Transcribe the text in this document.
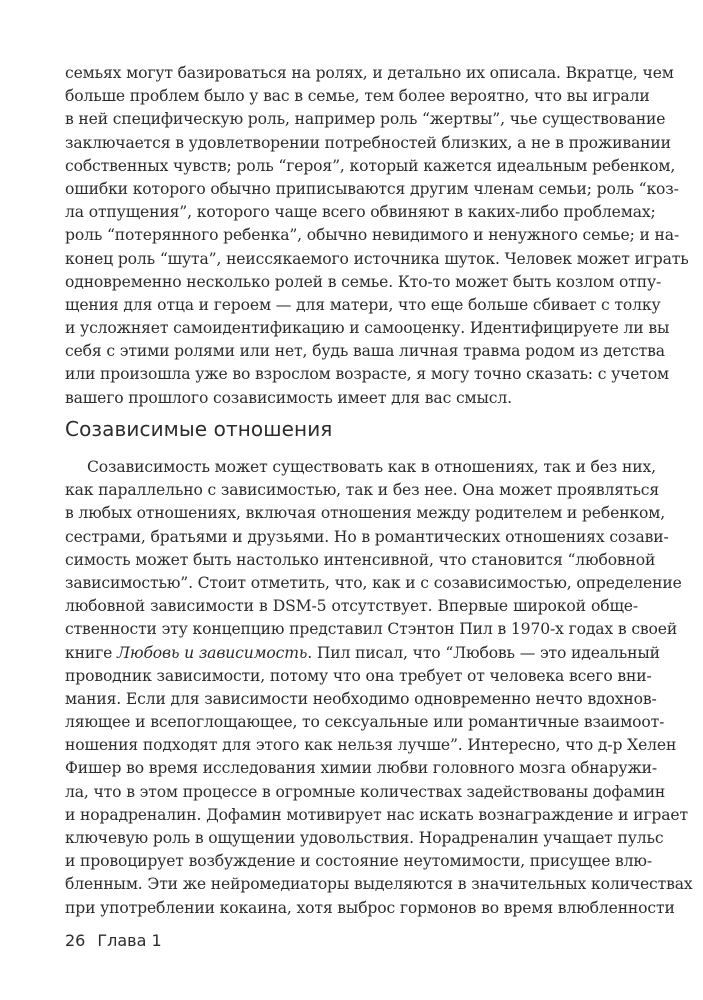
семьях могут базироваться на ролях, и детально их описала. Вкратце, чем
больше проблем было у вас в семье, тем более вероятно, что вы играли
в ней специфическую роль, например роль “жертвы”, чье существование
заключается в удовлетворении потребностей близких, а не в проживании
собственных чувств; роль “героя”, который кажется идеальным ребенком,
ошибки которого обычно приписываются другим членам семьи; роль “коз-
ла отпущения”, которого чаще всего обвиняют в каких-либо проблемах;
роль “потерянного ребенка”, обычно невидимого и ненужного семье; и на-
конец роль “шута”, неиссякаемого источника шуток. Человек может играть
одновременно несколько ролей в семье. Кто-то может быть козлом отпу-
щения для отца и героем — для матери, что еще больше сбивает с толку
и усложняет самоидентификацию и самооценку. Идентифицируете ли вы
себя с этими ролями или нет, будь ваша личная травма родом из детства
или произошла уже во взрослом возрасте, я могу точно сказать: с учетом
вашего прошлого созависимость имеет для вас смысл.
Созависимые отношения
Созависимость может существовать как в отношениях, так и без них,
как параллельно с зависимостью, так и без нее. Она может проявляться
в любых отношениях, включая отношения между родителем и ребенком,
сестрами, братьями и друзьями. Но в романтических отношениях созави-
симость может быть настолько интенсивной, что становится “любовной
зависимостью”. Стоит отметить, что, как и с созависимостью, определение
любовной зависимости в DSM-5 отсутствует. Впервые широкой обще-
ственности эту концепцию представил Стэнтон Пил в 1970-х годах в своей
книге Любовь и зависимость. Пил писал, что “Любовь — это идеальный
проводник зависимости, потому что она требует от человека всего вни-
мания. Если для зависимости необходимо одновременно нечто вдохнов-
ляющее и всепоглощающее, то сексуальные или романтичные взаимоот-
ношения подходят для этого как нельзя лучше”. Интересно, что д-р Хелен
Фишер во время исследования химии любви головного мозга обнаружи-
ла, что в этом процессе в огромные количествах задействованы дофамин
и норадреналин. Дофамин мотивирует нас искать вознаграждение и играет
ключевую роль в ощущении удовольствия. Норадреналин учащает пульс
и провоцирует возбуждение и состояние неутомимости, присущее влю-
бленным. Эти же нейромедиаторы выделяются в значительных количествах
при употреблении кокаина, хотя выброс гормонов во время влюбленности
26 Глава 1
